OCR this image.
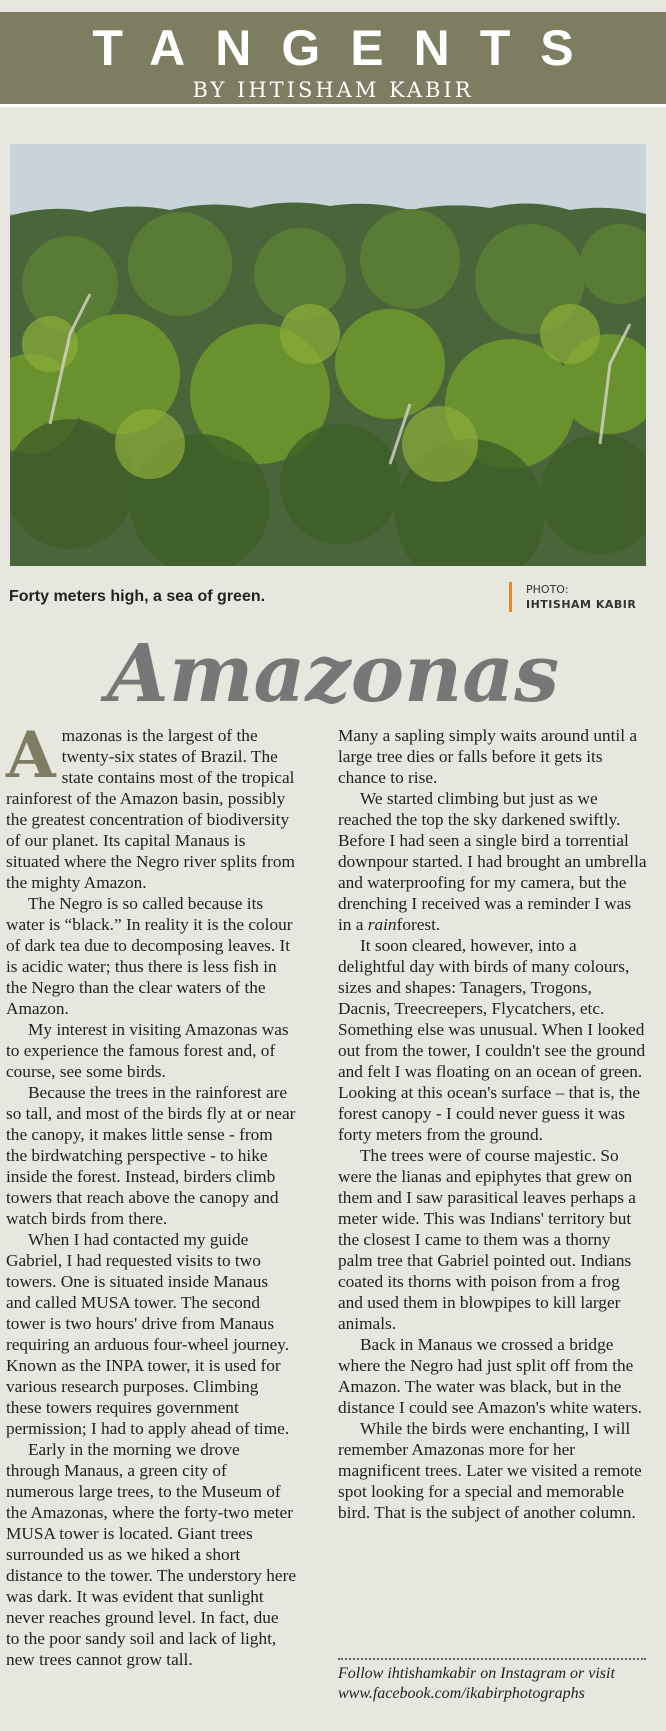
TANGENTS
BY IHTISHAM KABIR
Forty meters high, a sea of green.	PHOTO:
IHTISHAM KABIR
Amazonas

Amazonas is the largest of the twenty-six states of Brazil. The state contains most of the tropical rainforest of the Amazon basin, possibly the greatest concentration of biodiversity of our planet. Its capital Manaus is situated where the Negro river splits from the mighty Amazon.

The Negro is so called because its water is “black.” In reality it is the colour of dark tea due to decomposing leaves. It is acidic water; thus there is less fish in the Negro than the clear waters of the Amazon.

My interest in visiting Amazonas was to experience the famous forest and, of course, see some birds.

Because the trees in the rainforest are so tall, and most of the birds fly at or near the canopy, it makes little sense - from the birdwatching perspective - to hike inside the forest. Instead, birders climb towers that reach above the canopy and watch birds from there.

When I had contacted my guide Gabriel, I had requested visits to two towers. One is situated inside Manaus and called MUSA tower. The second tower is two hours' drive from Manaus requiring an arduous four-wheel journey. Known as the INPA tower, it is used for various research purposes. Climbing these towers requires government permission; I had to apply ahead of time.

Early in the morning we drove through Manaus, a green city of numerous large trees, to the Museum of the Amazonas, where the forty-two meter MUSA tower is located. Giant trees surrounded us as we hiked a short distance to the tower. The understory here was dark. It was evident that sunlight never reaches ground level. In fact, due to the poor sandy soil and lack of light, new trees cannot grow tall.

Many a sapling simply waits around until a large tree dies or falls before it gets its chance to rise.

We started climbing but just as we reached the top the sky darkened swiftly. Before I had seen a single bird a torrential downpour started. I had brought an umbrella and waterproofing for my camera, but the drenching I received was a reminder I was in a rainforest.

It soon cleared, however, into a delightful day with birds of many colours, sizes and shapes: Tanagers, Trogons, Dacnis, Treecreepers, Flycatchers, etc. Something else was unusual. When I looked out from the tower, I couldn't see the ground and felt I was floating on an ocean of green. Looking at this ocean's surface – that is, the forest canopy - I could never guess it was forty meters from the ground.

The trees were of course majestic. So were the lianas and epiphytes that grew on them and I saw parasitical leaves perhaps a meter wide. This was Indians' territory but the closest I came to them was a thorny palm tree that Gabriel pointed out. Indians coated its thorns with poison from a frog and used them in blowpipes to kill larger animals.

Back in Manaus we crossed a bridge where the Negro had just split off from the Amazon. The water was black, but in the distance I could see Amazon's white waters.

While the birds were enchanting, I will remember Amazonas more for her magnificent trees. Later we visited a remote spot looking for a special and memorable bird. That is the subject of another column.

Follow ihtishamkabir on Instagram or visit
www.facebook.com/ikabirphotographs
